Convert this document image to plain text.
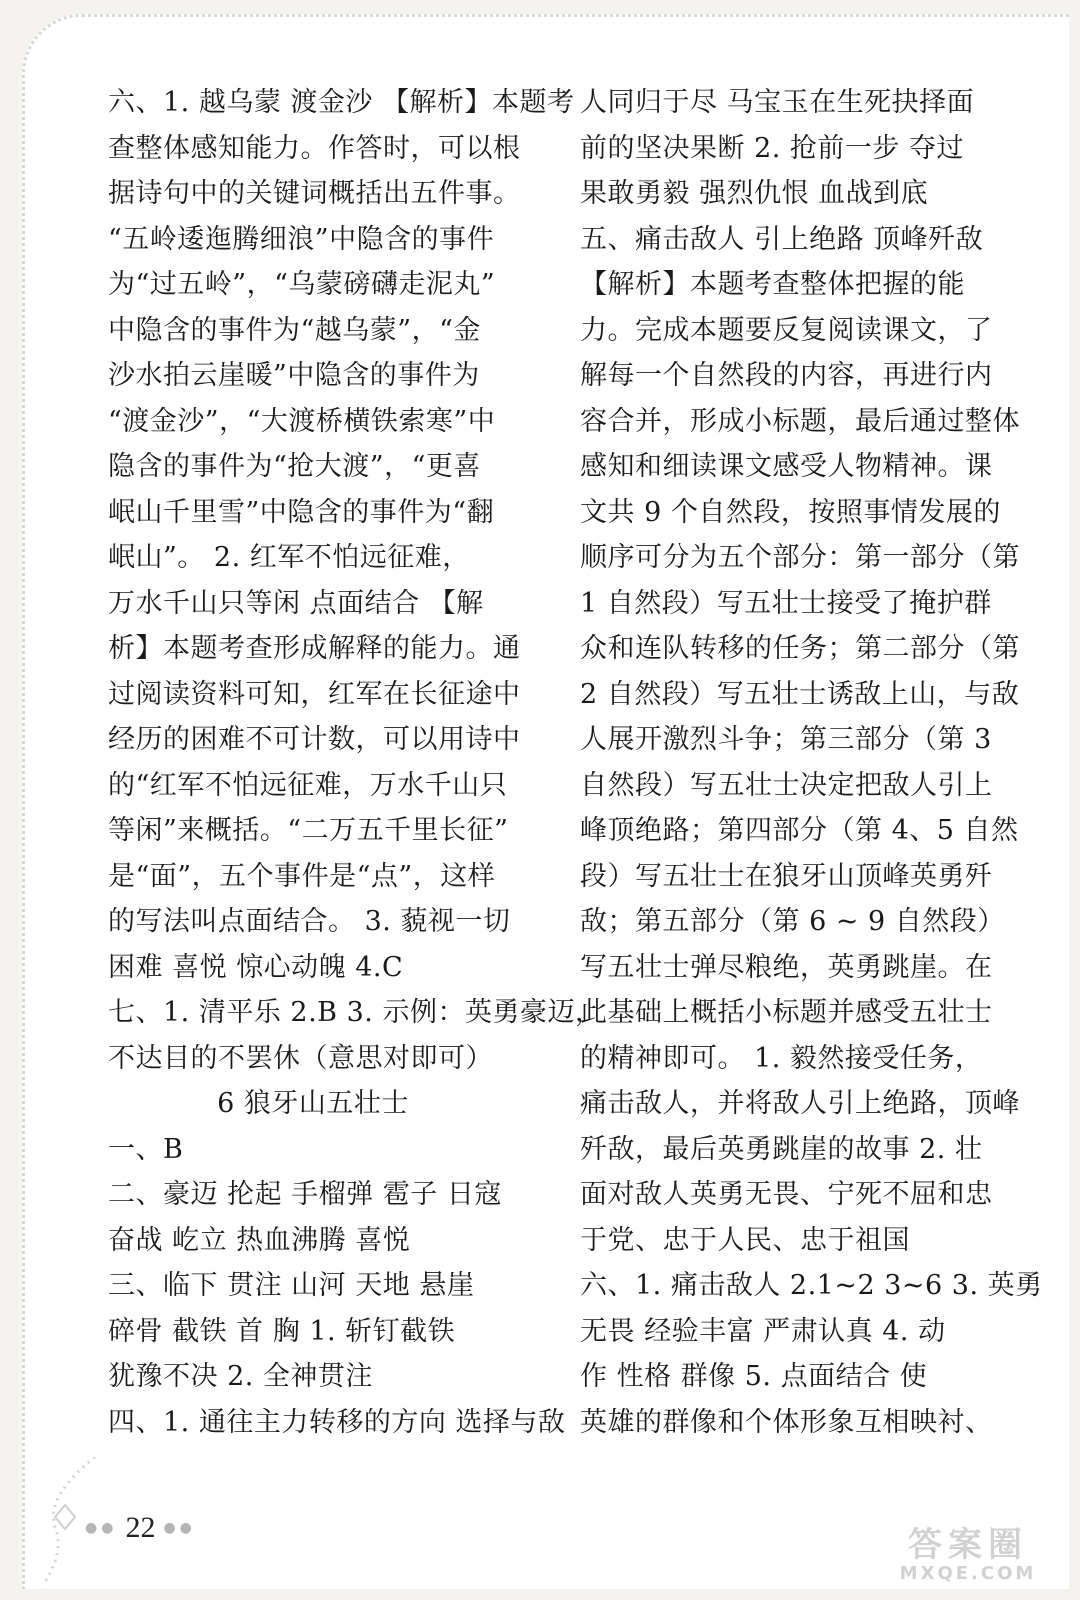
六、1. 越乌蒙 渡金沙 【解析】本题考
查整体感知能力。作答时，可以根
据诗句中的关键词概括出五件事。
“五岭逶迤腾细浪”中隐含的事件
为“过五岭”，“乌蒙磅礴走泥丸”
中隐含的事件为“越乌蒙”，“金
沙水拍云崖暖”中隐含的事件为
“渡金沙”，“大渡桥横铁索寒”中
隐含的事件为“抢大渡”，“更喜
岷山千里雪”中隐含的事件为“翻
岷山”。 2. 红军不怕远征难，
万水千山只等闲 点面结合 【解
析】本题考查形成解释的能力。通
过阅读资料可知，红军在长征途中
经历的困难不可计数，可以用诗中
的“红军不怕远征难，万水千山只
等闲”来概括。“二万五千里长征”
是“面”，五个事件是“点”，这样
的写法叫点面结合。 3. 藐视一切
困难 喜悦 惊心动魄 4.C
七、1. 清平乐 2.B 3. 示例：英勇豪迈，
不达目的不罢休（意思对即可）
6 狼牙山五壮士
一、B
二、豪迈 抡起 手榴弹 雹子 日寇
奋战 屹立 热血沸腾 喜悦
三、临下 贯注 山河 天地 悬崖
碎骨 截铁 首 胸 1. 斩钉截铁
犹豫不决 2. 全神贯注
四、1. 通往主力转移的方向 选择与敌
人同归于尽 马宝玉在生死抉择面
前的坚决果断 2. 抢前一步 夺过
果敢勇毅 强烈仇恨 血战到底
五、痛击敌人 引上绝路 顶峰歼敌
【解析】本题考查整体把握的能
力。完成本题要反复阅读课文，了
解每一个自然段的内容，再进行内
容合并，形成小标题，最后通过整体
感知和细读课文感受人物精神。课
文共 9 个自然段，按照事情发展的
顺序可分为五个部分：第一部分（第
1 自然段）写五壮士接受了掩护群
众和连队转移的任务；第二部分（第
2 自然段）写五壮士诱敌上山，与敌
人展开激烈斗争；第三部分（第 3
自然段）写五壮士决定把敌人引上
峰顶绝路；第四部分（第 4、5 自然
段）写五壮士在狼牙山顶峰英勇歼
敌；第五部分（第 6 ~ 9 自然段）
写五壮士弹尽粮绝，英勇跳崖。在
此基础上概括小标题并感受五壮士
的精神即可。 1. 毅然接受任务，
痛击敌人，并将敌人引上绝路，顶峰
歼敌，最后英勇跳崖的故事 2. 壮
面对敌人英勇无畏、宁死不屈和忠
于党、忠于人民、忠于祖国
六、1. 痛击敌人 2.1~2 3~6 3. 英勇
无畏 经验丰富 严肃认真 4. 动
作 性格 群像 5. 点面结合 使
英雄的群像和个体形象互相映衬、
●● 22 ●●	答案圈
MXQE.COM
